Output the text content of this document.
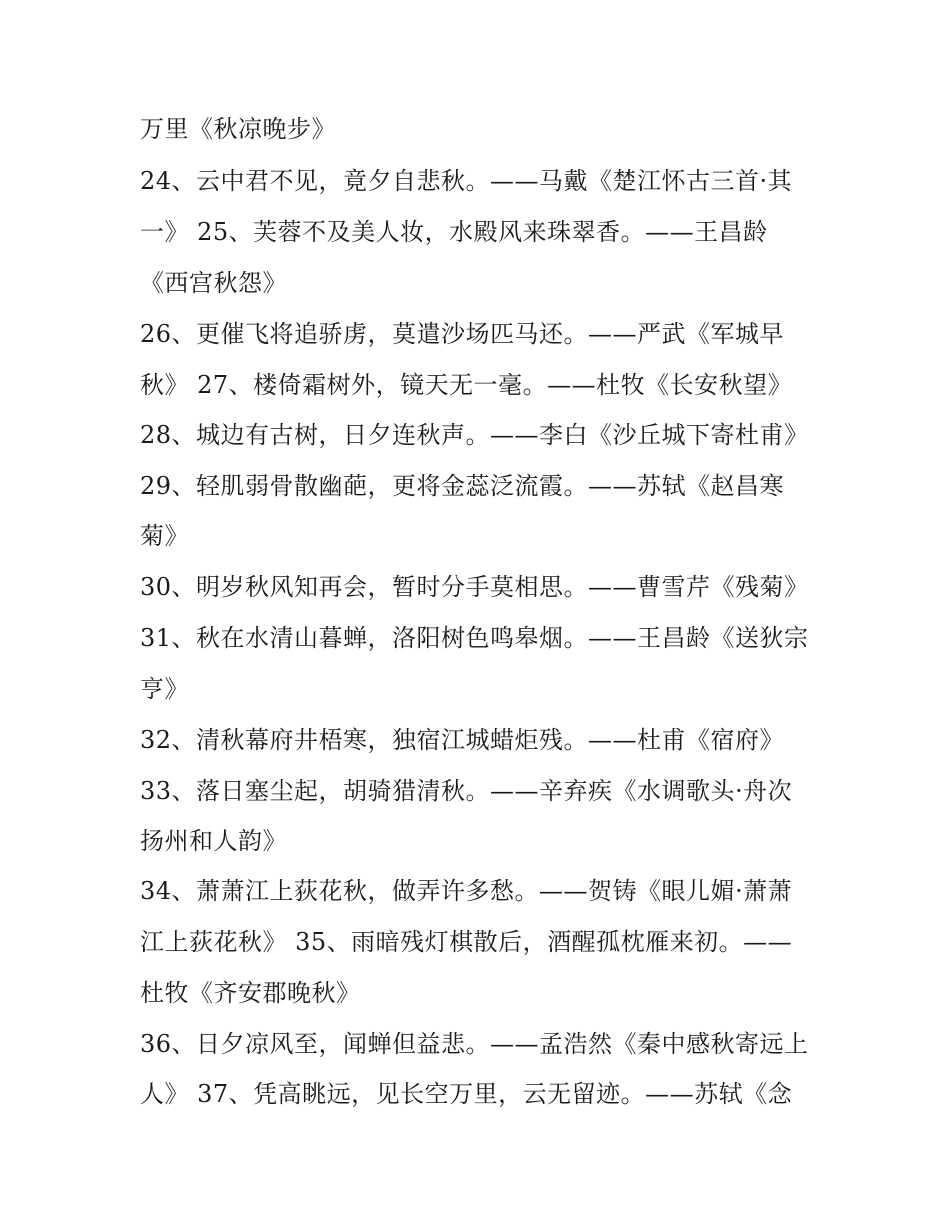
万里《秋凉晚步》
24、云中君不见，竟夕自悲秋。——马戴《楚江怀古三首·其
一》 25、芙蓉不及美人妆，水殿风来珠翠香。——王昌龄
《西宫秋怨》
26、更催飞将追骄虏，莫遣沙场匹马还。——严武《军城早
秋》 27、楼倚霜树外，镜天无一毫。——杜牧《长安秋望》
28、城边有古树，日夕连秋声。——李白《沙丘城下寄杜甫》
29、轻肌弱骨散幽葩，更将金蕊泛流霞。——苏轼《赵昌寒
菊》
30、明岁秋风知再会，暂时分手莫相思。——曹雪芹《残菊》
31、秋在水清山暮蝉，洛阳树色鸣皋烟。——王昌龄《送狄宗
亨》
32、清秋幕府井梧寒，独宿江城蜡炬残。——杜甫《宿府》
33、落日塞尘起，胡骑猎清秋。——辛弃疾《水调歌头·舟次
扬州和人韵》
34、萧萧江上荻花秋，做弄许多愁。——贺铸《眼儿媚·萧萧
江上荻花秋》 35、雨暗残灯棋散后，酒醒孤枕雁来初。——
杜牧《齐安郡晚秋》
36、日夕凉风至，闻蝉但益悲。——孟浩然《秦中感秋寄远上
人》 37、凭高眺远，见长空万里，云无留迹。——苏轼《念
